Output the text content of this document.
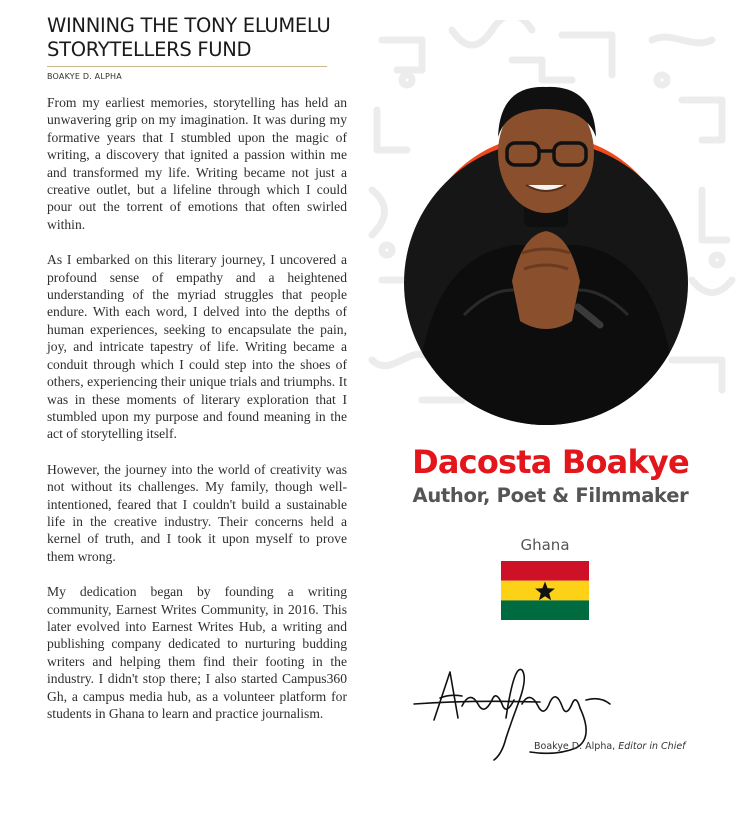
WINNING THE TONY ELUMELU STORYTELLERS FUND
BOAKYE D. ALPHA

From my earliest memories, storytelling has held an unwavering grip on my imagination. It was during my formative years that I stumbled upon the magic of writing, a discovery that ignited a passion within me and transformed my life. Writing became not just a creative outlet, but a lifeline through which I could pour out the torrent of emotions that often swirled within.

As I embarked on this literary journey, I uncovered a profound sense of empathy and a heightened understanding of the myriad struggles that people endure. With each word, I delved into the depths of human experiences, seeking to encapsulate the pain, joy, and intricate tapestry of life. Writing became a conduit through which I could step into the shoes of others, experiencing their unique trials and triumphs. It was in these moments of literary exploration that I stumbled upon my purpose and found meaning in the act of storytelling itself.

However, the journey into the world of creativity was not without its challenges. My family, though well-intentioned, feared that I couldn't build a sustainable life in the creative industry. Their concerns held a kernel of truth, and I took it upon myself to prove them wrong.

My dedication began by founding a writing community, Earnest Writes Community, in 2016. This later evolved into Earnest Writes Hub, a writing and publishing company dedicated to nurturing budding writers and helping them find their footing in the industry. I didn't stop there; I also started Campus360 Gh, a campus media hub, as a volunteer platform for students in Ghana to learn and practice journalism.

Dacosta Boakye
Author, Poet & Filmmaker
Ghana
Boakye D. Alpha, Editor in Chief
